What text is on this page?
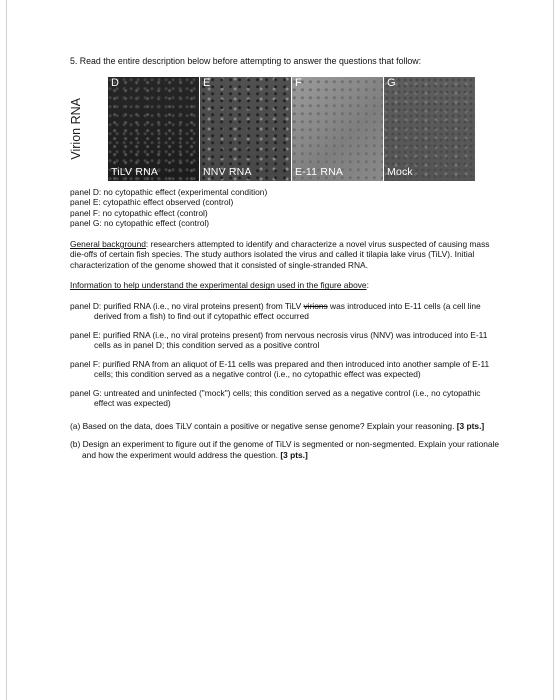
5. Read the entire description below before attempting to answer the questions that follow:

Virion RNA
D
TiLV RNA
E
NNV RNA
F
E-11 RNA
G
Mock

panel D: no cytopathic effect (experimental condition)

panel E: cytopathic effect observed (control)

panel F: no cytopathic effect (control)

panel G: no cytopathic effect (control)

General background: researchers attempted to identify and characterize a novel virus suspected of causing mass die-offs of certain fish species. The study authors isolated the virus and called it tilapia lake virus (TiLV). Initial characterization of the genome showed that it consisted of single-stranded RNA.

Information to help understand the experimental design used in the figure above:

panel D: purified RNA (i.e., no viral proteins present) from TiLV virions was introduced into E-11 cells (a cell line derived from a fish) to find out if cytopathic effect occurred

panel E: purified RNA (i.e., no viral proteins present) from nervous necrosis virus (NNV) was introduced into E-11 cells as in panel D; this condition served as a positive control

panel F: purified RNA from an aliquot of E-11 cells was prepared and then introduced into another sample of E-11 cells; this condition served as a negative control (i.e., no cytopathic effect was expected)

panel G: untreated and uninfected ("mock") cells; this condition served as a negative control (i.e., no cytopathic effect was expected)

(a) Based on the data, does TiLV contain a positive or negative sense genome? Explain your reasoning. [3 pts.]

(b) Design an experiment to figure out if the genome of TiLV is segmented or non-segmented. Explain your rationale and how the experiment would address the question. [3 pts.]
